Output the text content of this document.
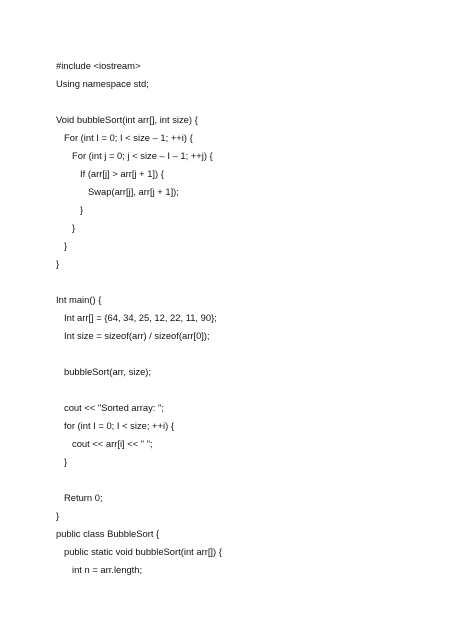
#include <iostream>
Using namespace std;
Void bubbleSort(int arr[], int size) {
For (int I = 0; I < size – 1; ++i) {
For (int j = 0; j < size – I – 1; ++j) {
If (arr[j] > arr[j + 1]) {
Swap(arr[j], arr[j + 1]);
}
}
}
}
Int main() {
Int arr[] = {64, 34, 25, 12, 22, 11, 90};
Int size = sizeof(arr) / sizeof(arr[0]);
bubbleSort(arr, size);
cout << "Sorted array: ";
for (int I = 0; I < size; ++i) {
cout << arr[i] << " ";
}
Return 0;
}
public class BubbleSort {
public static void bubbleSort(int arr[]) {
int n = arr.length;
